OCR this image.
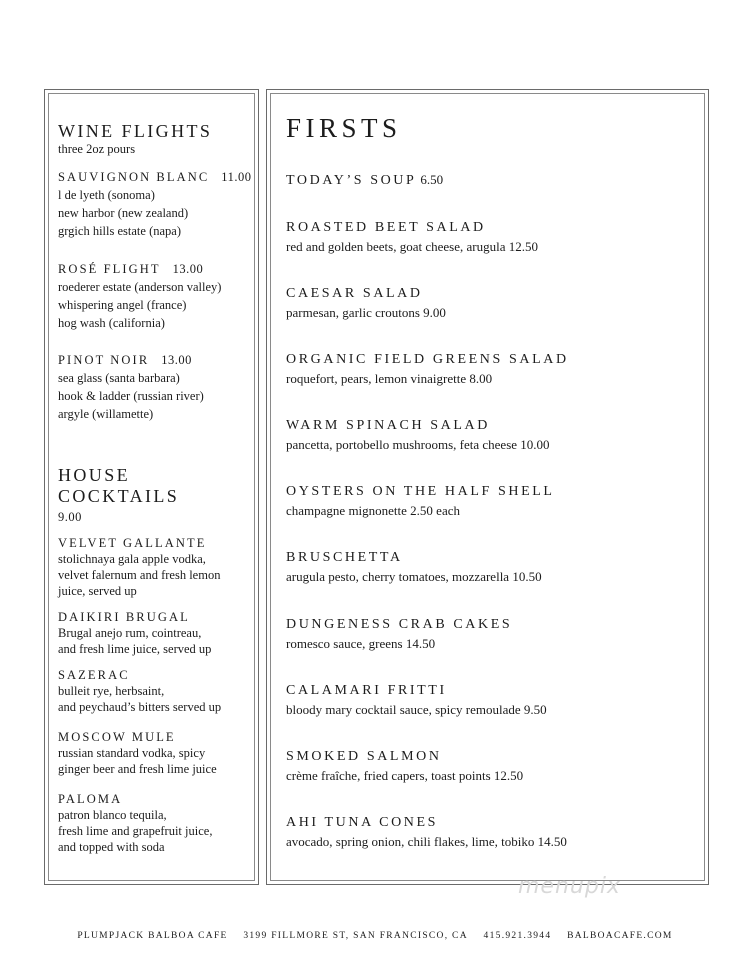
WINE FLIGHTS
three 2oz pours
SAUVIGNON BLANC 11.00
l de lyeth (sonoma)
new harbor (new zealand)
grgich hills estate (napa)
ROSÉ FLIGHT 13.00
roederer estate (anderson valley)
whispering angel (france)
hog wash (california)
PINOT NOIR 13.00
sea glass (santa barbara)
hook & ladder (russian river)
argyle (willamette)
HOUSE
COCKTAILS
9.00
VELVET GALLANTE
stolichnaya gala apple vodka,
velvet falernum and fresh lemon
juice, served up
DAIKIRI BRUGAL
Brugal anejo rum, cointreau,
and fresh lime juice, served up
SAZERAC
bulleit rye, herbsaint,
and peychaud’s bitters served up
MOSCOW MULE
russian standard vodka, spicy
ginger beer and fresh lime juice
PALOMA
patron blanco tequila,
fresh lime and grapefruit juice,
and topped with soda
FIRSTS
TODAY’S SOUP 6.50
ROASTED BEET SALAD
red and golden beets, goat cheese, arugula 12.50
CAESAR SALAD
parmesan, garlic croutons 9.00
ORGANIC FIELD GREENS SALAD
roquefort, pears, lemon vinaigrette 8.00
WARM SPINACH SALAD
pancetta, portobello mushrooms, feta cheese 10.00
OYSTERS ON THE HALF SHELL
champagne mignonette 2.50 each
BRUSCHETTA
arugula pesto, cherry tomatoes, mozzarella 10.50
DUNGENESS CRAB CAKES
romesco sauce, greens 14.50
CALAMARI FRITTI
bloody mary cocktail sauce, spicy remoulade 9.50
SMOKED SALMON
crème fraîche, fried capers, toast points 12.50
AHI TUNA CONES
avocado, spring onion, chili flakes, lime, tobiko 14.50
menupix
PLUMPJACK BALBOA CAFE 3199 FILLMORE ST, SAN FRANCISCO, CA 415.921.3944 BALBOACAFE.COM
